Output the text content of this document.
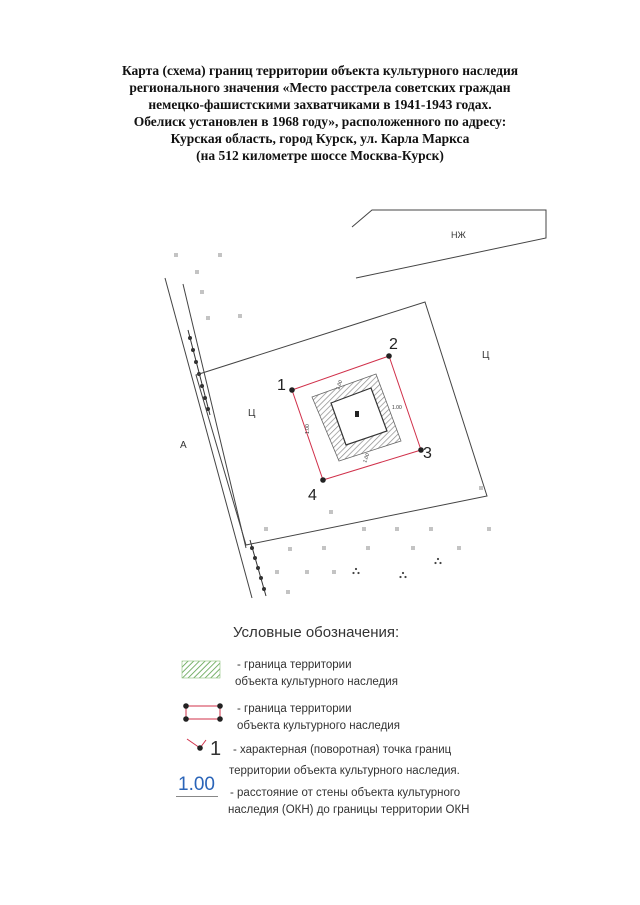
Карта (схема) границ территории объекта культурного наследия
регионального значения «Место расстрела советских граждан
немецко-фашистскими захватчиками в 1941-1943 годах.
Обелиск установлен в 1968 году», расположенного по адресу:
Курская область, город Курск, ул. Карла Маркса
(на 512 километре шоссе Москва-Курск)
НЖ
А
Ц
Ц
1.00
1.00
1.00
1.00
1
2
3
4
1
Условные обозначения:
- граница территории
объекта культурного наследия
- граница территории
объекта культурного наследия
- характерная (поворотная) точка границ
территории объекта культурного наследия.
1.00 - расстояние от стены объекта культурного
наследия (ОКН) до границы территории ОКН
